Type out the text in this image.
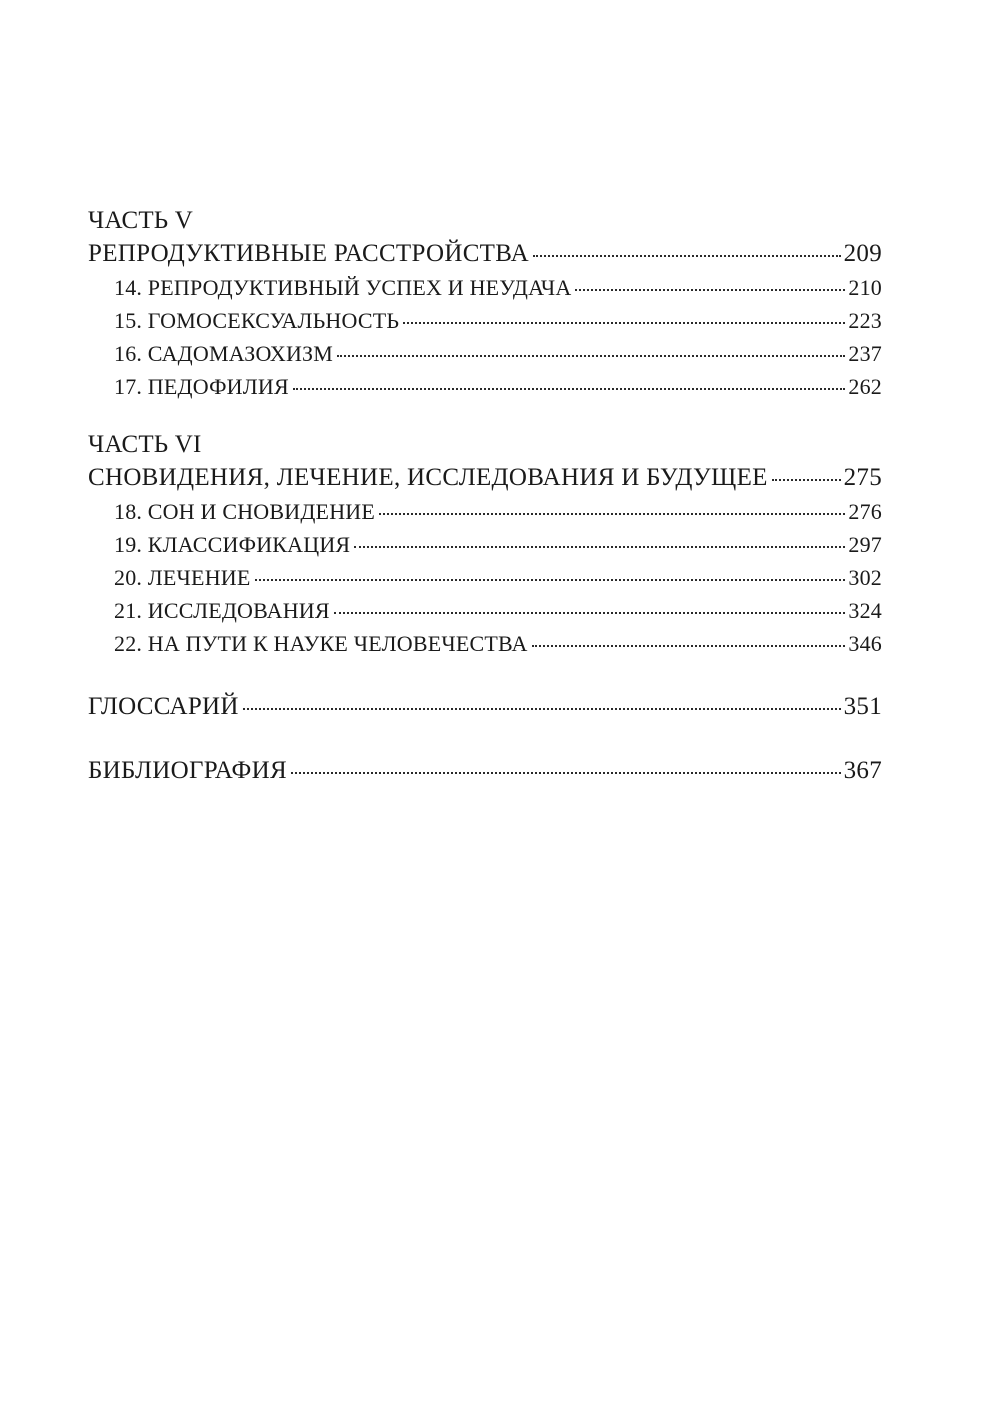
ЧАСТЬ V
РЕПРОДУКТИВНЫЕ РАССТРОЙСТВА	209
14. РЕПРОДУКТИВНЫЙ УСПЕХ И НЕУДАЧА	210
15. ГОМОСЕКСУАЛЬНОСТЬ	223
16. САДОМАЗОХИЗМ	237
17. ПЕДОФИЛИЯ	262
ЧАСТЬ VI
СНОВИДЕНИЯ, ЛЕЧЕНИЕ, ИССЛЕДОВАНИЯ И БУДУЩЕЕ	275
18. СОН И СНОВИДЕНИЕ	276
19. КЛАССИФИКАЦИЯ	297
20. ЛЕЧЕНИЕ	302
21. ИССЛЕДОВАНИЯ	324
22. НА ПУТИ К НАУКЕ ЧЕЛОВЕЧЕСТВА	346
ГЛОССАРИЙ	351
БИБЛИОГРАФИЯ	367
